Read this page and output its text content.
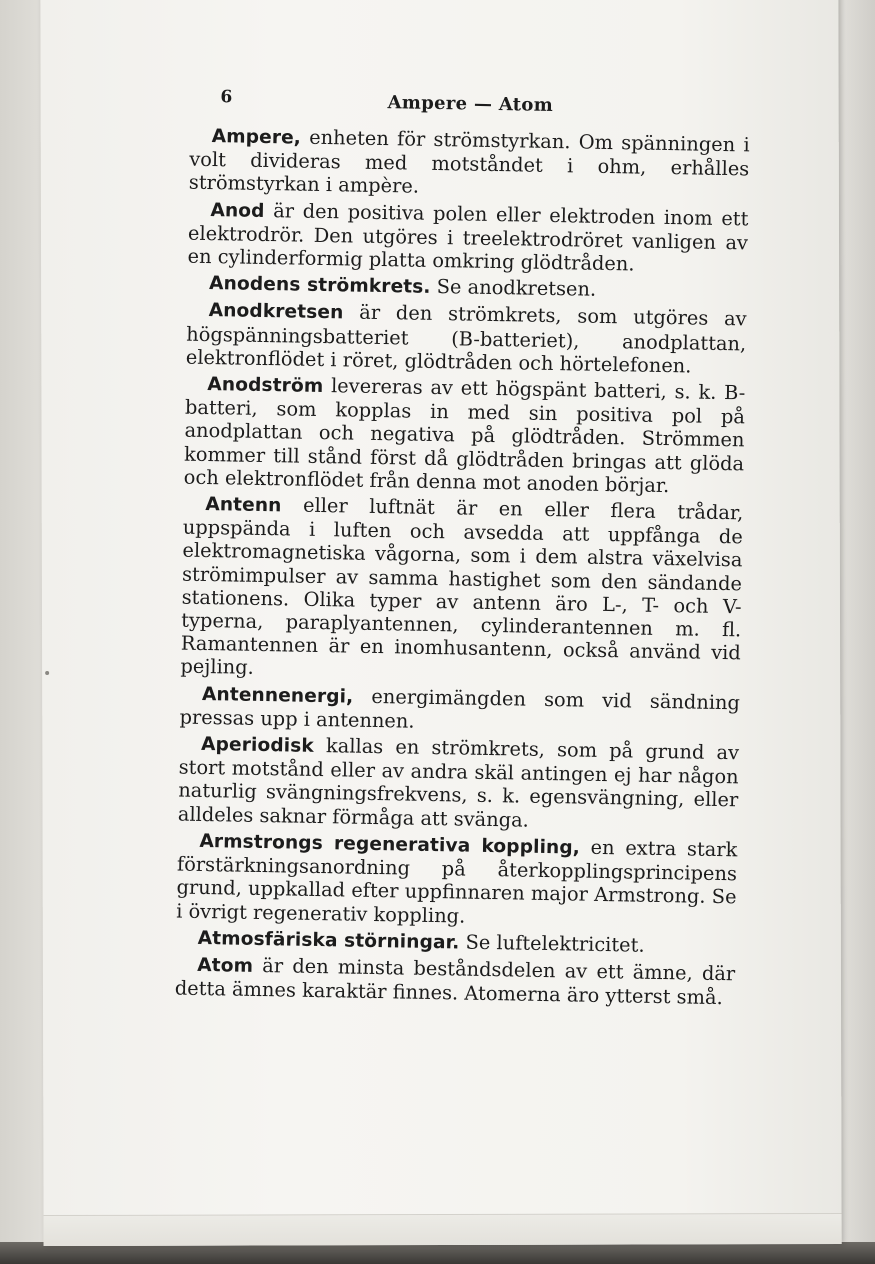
6	Ampere — Atom

Ampere, enheten för strömstyrkan. Om spänningen i volt divideras med motståndet i ohm, erhålles strömstyrkan i ampère.

Anod är den positiva polen eller elektroden inom ett elektrodrör. Den utgöres i treelektrodröret vanligen av en cylinderformig platta omkring glödtråden.

Anodens strömkrets. Se anodkretsen.

Anodkretsen är den strömkrets, som utgöres av högspänningsbatteriet (B-batteriet), anodplattan, elektronflödet i röret, glödtråden och hörtelefonen.

Anodström levereras av ett högspänt batteri, s. k. B-batteri, som kopplas in med sin positiva pol på anodplattan och negativa på glödtråden. Strömmen kommer till stånd först då glödtråden bringas att glöda och elektronflödet från denna mot anoden börjar.

Antenn eller luftnät är en eller flera trådar, uppspända i luften och avsedda att uppfånga de elektromagnetiska vågorna, som i dem alstra växelvisa strömimpulser av samma hastighet som den sändande stationens. Olika typer av antenn äro L-, T- och V-typerna, paraplyantennen, cylinderantennen m. fl. Ramantennen är en inomhusantenn, också använd vid pejling.

Antennenergi, energimängden som vid sändning pressas upp i antennen.

Aperiodisk kallas en strömkrets, som på grund av stort motstånd eller av andra skäl antingen ej har någon naturlig svängningsfrekvens, s. k. egensvängning, eller alldeles saknar förmåga att svänga.

Armstrongs regenerativa koppling, en extra stark förstärkningsanordning på återkopplingsprincipens grund, uppkallad efter uppfinnaren major Armstrong. Se i övrigt regenerativ koppling.

Atmosfäriska störningar. Se luftelektricitet.

Atom är den minsta beståndsdelen av ett ämne, där detta ämnes karaktär finnes. Atomerna äro ytterst små.
